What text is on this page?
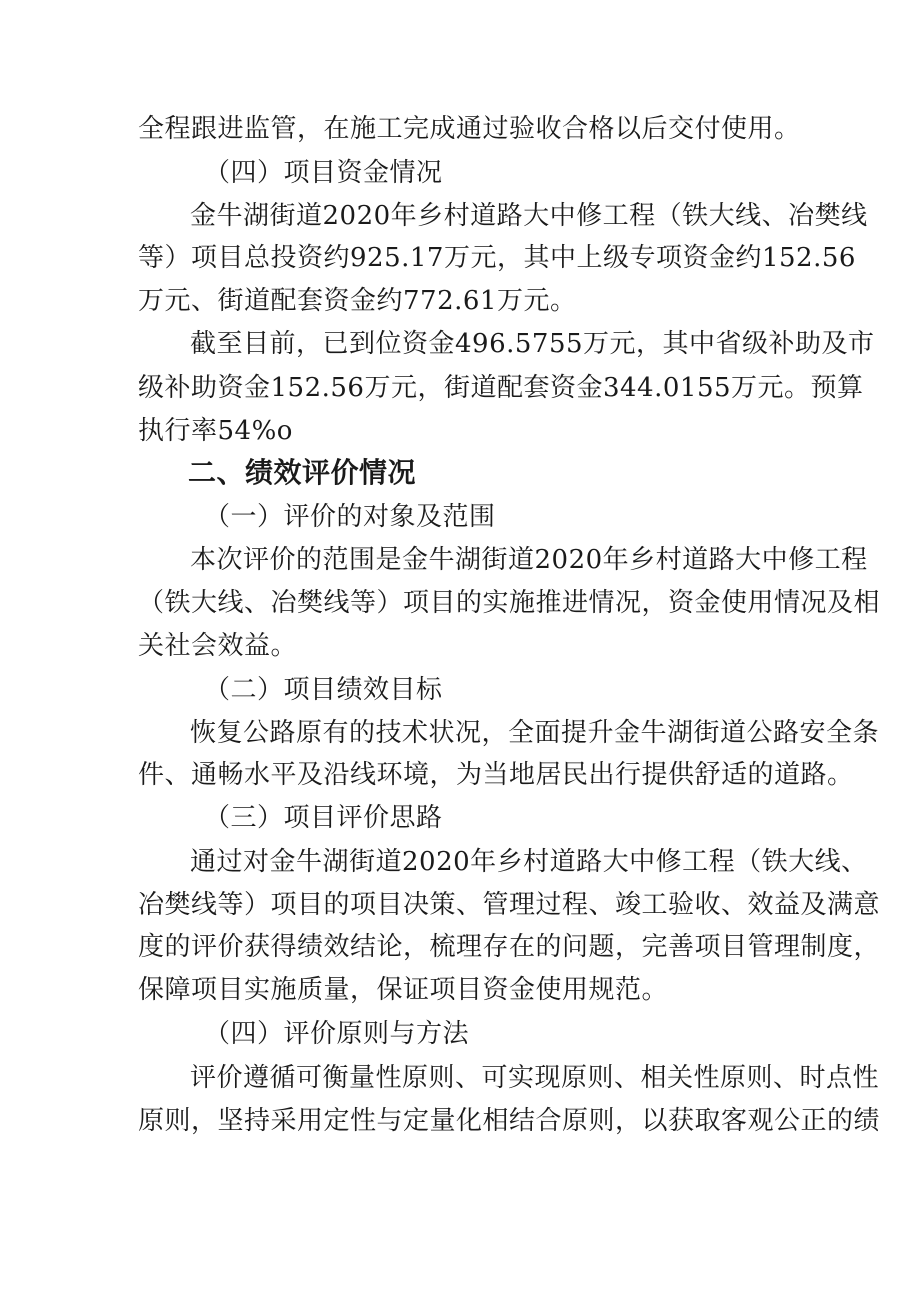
全程跟进监管，在施工完成通过验收合格以后交付使用。
（四）项目资金情况
金牛湖街道2020年乡村道路大中修工程（铁大线、冶樊线
等）项目总投资约925.17万元，其中上级专项资金约152.56
万元、街道配套资金约772.61万元。
截至目前，已到位资金496.5755万元，其中省级补助及市
级补助资金152.56万元，街道配套资金344.0155万元。预算
执行率54%o
二、绩效评价情况
（一）评价的对象及范围
本次评价的范围是金牛湖街道2020年乡村道路大中修工程
（铁大线、冶樊线等）项目的实施推进情况，资金使用情况及相
关社会效益。
（二）项目绩效目标
恢复公路原有的技术状况，全面提升金牛湖街道公路安全条
件、通畅水平及沿线环境，为当地居民出行提供舒适的道路。
（三）项目评价思路
通过对金牛湖街道2020年乡村道路大中修工程（铁大线、
冶樊线等）项目的项目决策、管理过程、竣工验收、效益及满意
度的评价获得绩效结论，梳理存在的问题，完善项目管理制度，
保障项目实施质量，保证项目资金使用规范。
（四）评价原则与方法
评价遵循可衡量性原则、可实现原则、相关性原则、时点性
原则，坚持采用定性与定量化相结合原则，以获取客观公正的绩
